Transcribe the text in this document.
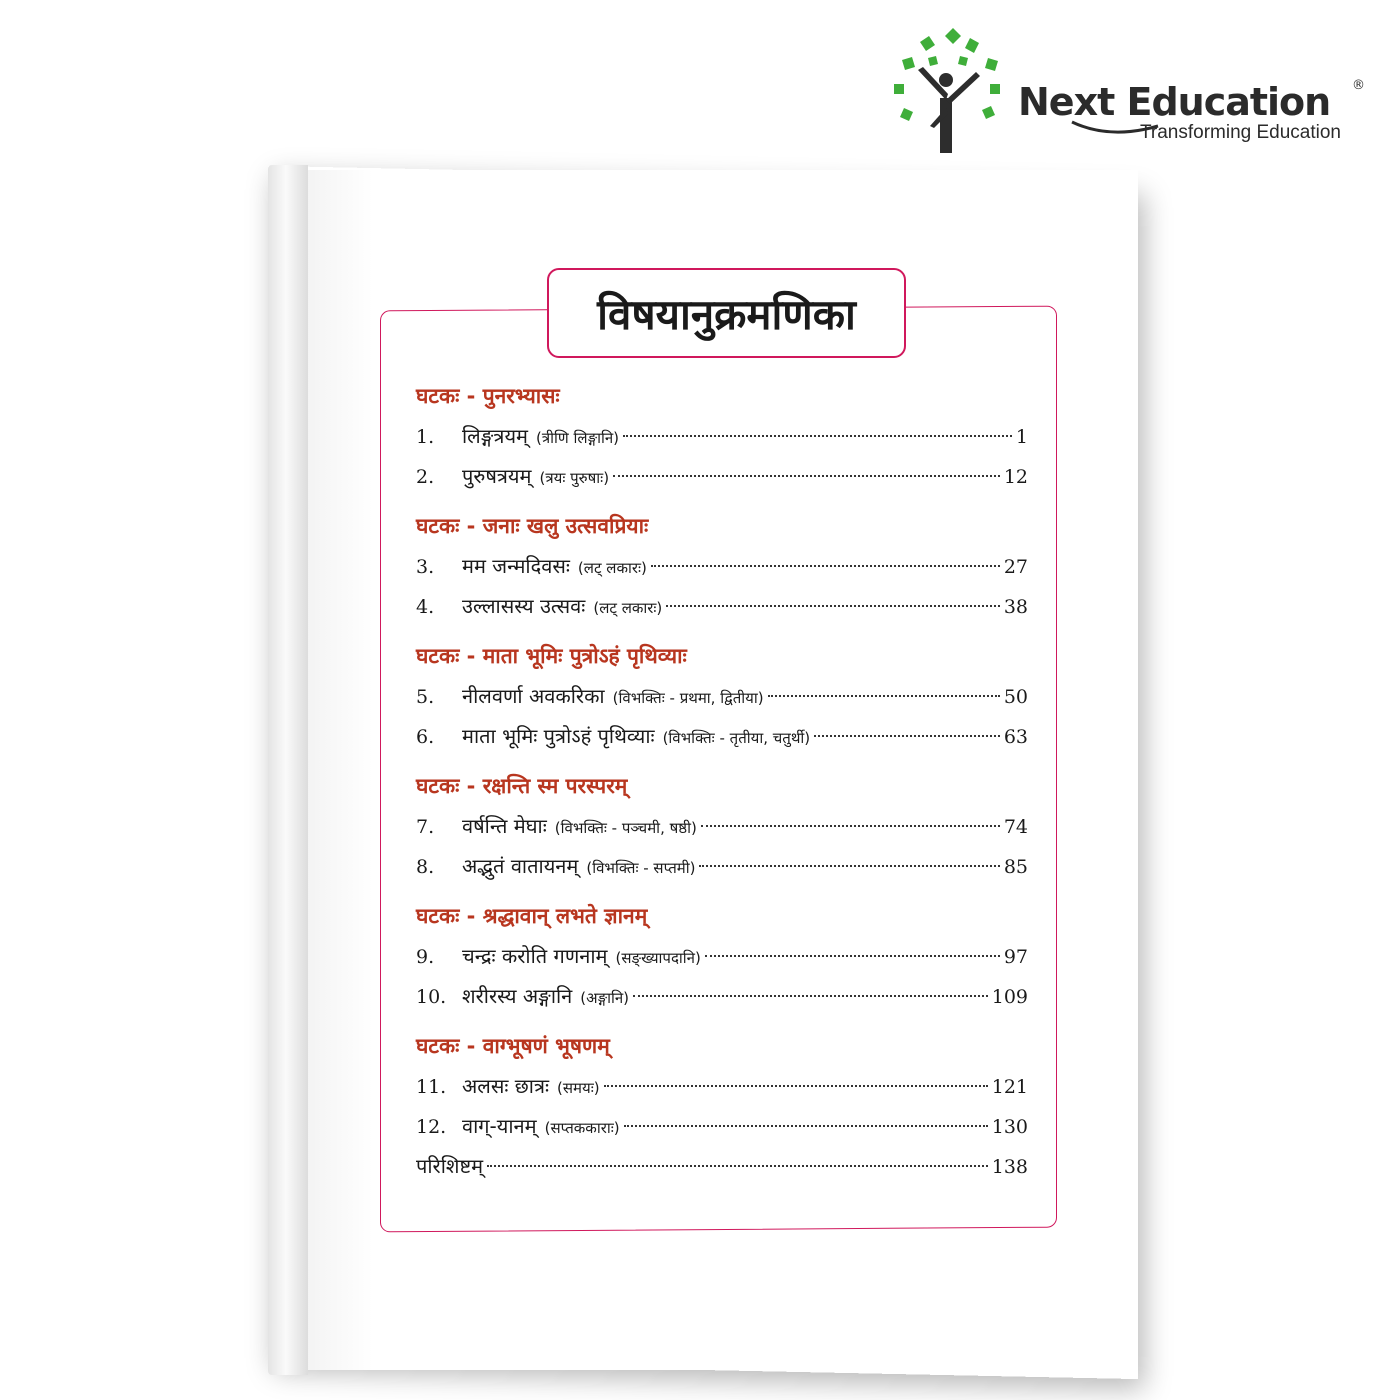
Next Education ®
Transforming Education
विषयानुक्रमणिका
घटकः - पुनरभ्यासः
1.	लिङ्गत्रयम् (त्रीणि लिङ्गानि)	1
2.	पुरुषत्रयम् (त्रयः पुरुषाः)	12
घटकः - जनाः खलु उत्सवप्रियाः
3.	मम जन्मदिवसः (लट् लकारः)	27
4.	उल्लासस्य उत्सवः (लट् लकारः)	38
घटकः - माता भूमिः पुत्रोऽहं पृथिव्याः
5.	नीलवर्णा अवकरिका (विभक्तिः - प्रथमा, द्वितीया)	50
6.	माता भूमिः पुत्रोऽहं पृथिव्याः (विभक्तिः - तृतीया, चतुर्थी)	63
घटकः - रक्षन्ति स्म परस्परम्
7.	वर्षन्ति मेघाः (विभक्तिः - पञ्चमी, षष्ठी)	74
8.	अद्भुतं वातायनम् (विभक्तिः - सप्तमी)	85
घटकः - श्रद्धावान् लभते ज्ञानम्
9.	चन्द्रः करोति गणनाम् (सङ्ख्यापदानि)	97
10. शरीरस्य अङ्गानि (अङ्गानि)	109
घटकः - वाग्भूषणं भूषणम्
11. अलसः छात्रः (समयः)	121
12. वाग्-यानम् (सप्तककाराः)	130
परिशिष्टम्	138
